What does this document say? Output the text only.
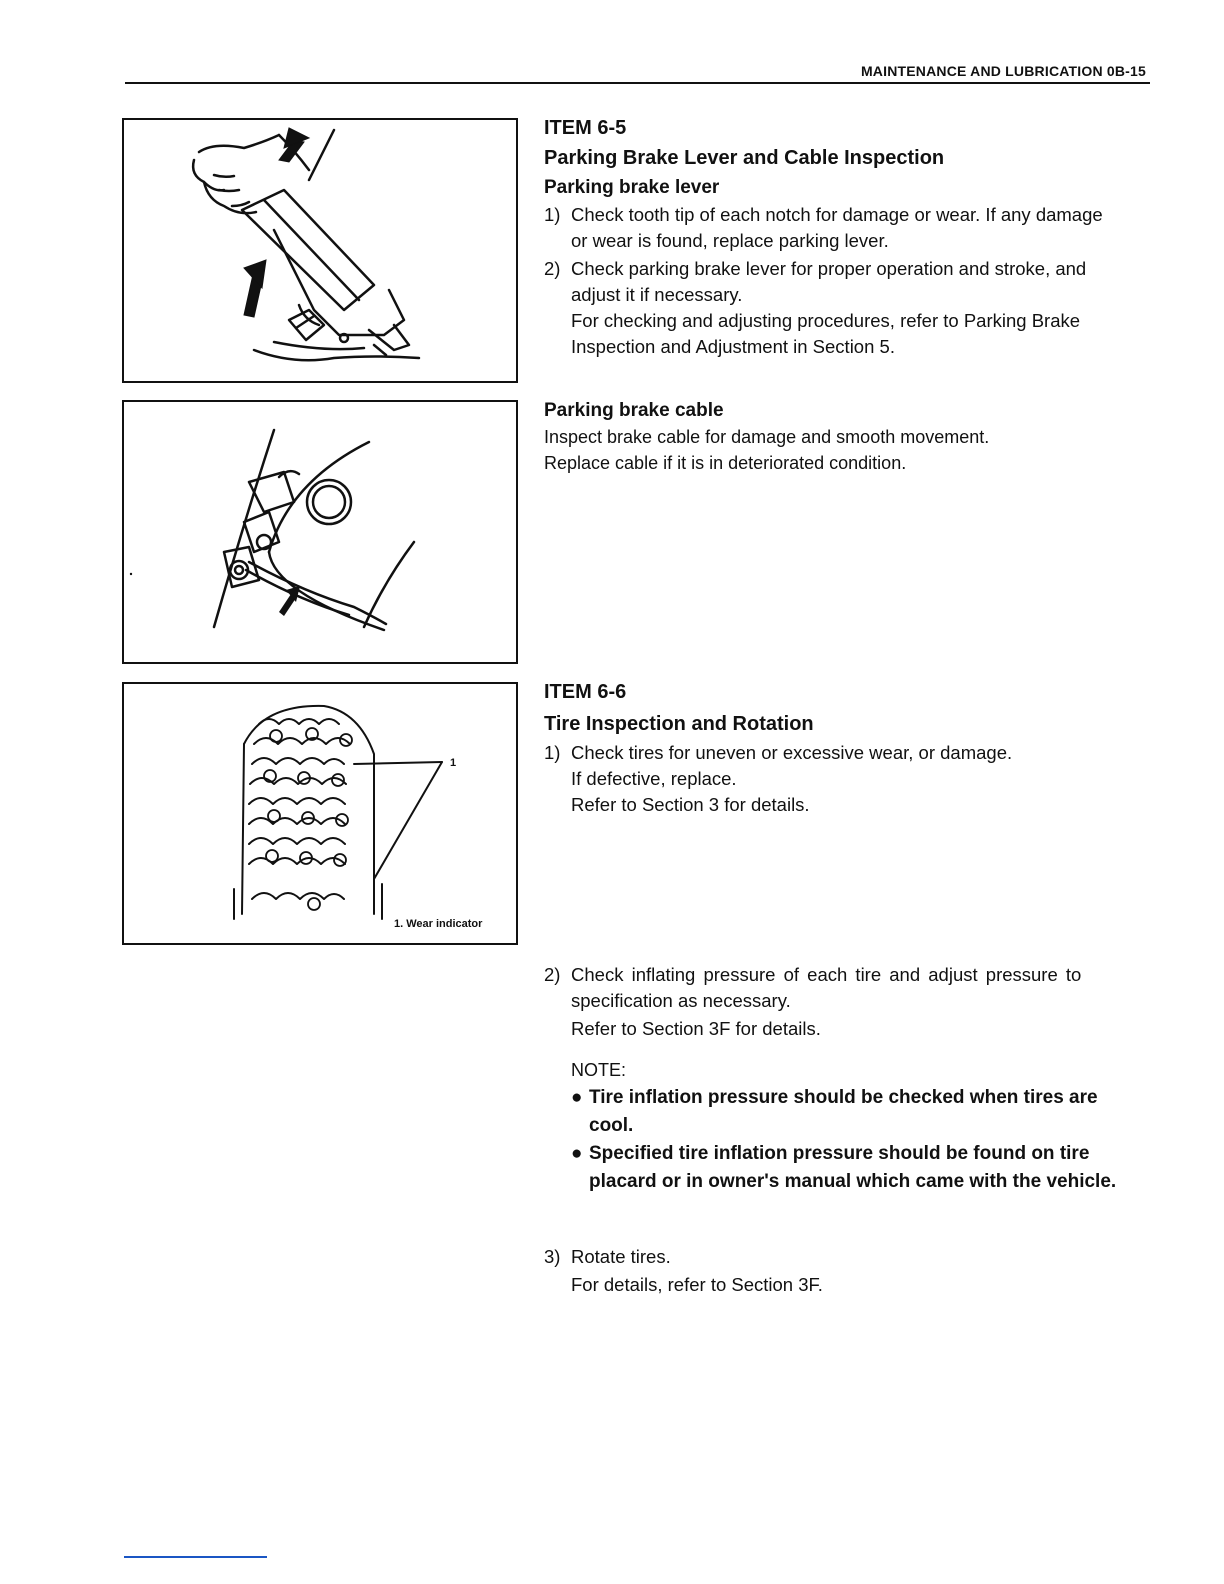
MAINTENANCE AND LUBRICATION 0B-15
1
1. Wear indicator
ITEM 6-5
Parking Brake Lever and Cable Inspection
Parking brake lever
1) Check tooth tip of each notch for damage or wear. If any damage
or wear is found, replace parking lever.
2) Check parking brake lever for proper operation and stroke, and
adjust it if necessary.
For checking and adjusting procedures, refer to Parking Brake
Inspection and Adjustment in Section 5.
Parking brake cable
Inspect brake cable for damage and smooth movement.
Replace cable if it is in deteriorated condition.
ITEM 6-6
Tire Inspection and Rotation
1) Check tires for uneven or excessive wear, or damage.
If defective, replace.
Refer to Section 3 for details.
2) Check inflating pressure of each tire and adjust pressure to
specification as necessary.
Refer to Section 3F for details.
NOTE:
● Tire inflation pressure should be checked when tires are
cool.
● Specified tire inflation pressure should be found on tire
placard or in owner's manual which came with the vehicle.
3) Rotate tires.
For details, refer to Section 3F.
